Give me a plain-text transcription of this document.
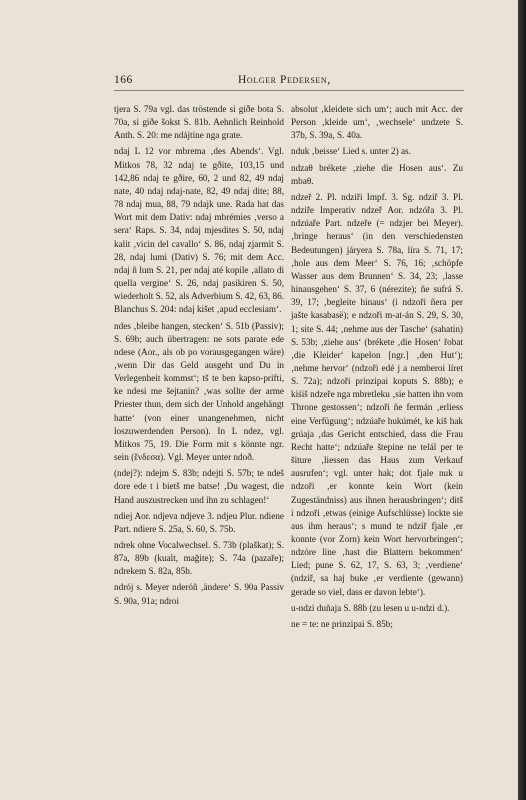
166	Holger Pedersen,

tjera S. 79a vgl. das tröstende si giðe bota S. 70a, si giðe šokst S. 81b. Aehnlich Reinhold Anth. S. 20: me ndájtine nga grate.

ndaj L 12 vor mbrema ‚des Abends‘. Vgl. Mitkos 78, 32 ndaj te gðite, 103,15 und 142,86 ndaj te gðire, 60, 2 und 82, 49 ndaj nate, 40 ndaj ndaj-nate, 82, 49 ndaj dite; 88, 78 ndaj mua, 88, 79 ndajk une. Rada hat das Wort mit dem Dativ: ndaj mbrémies ‚verso a sera‘ Raps. S. 34, ndaj mjesdites S. 50, ndaj kalit ‚vicin del cavallo‘ S. 86, ndaj zjarmit S. 28, ndaj lumi (Dativ) S. 76; mit dem Acc. ndaj ñ lum S. 21, per ndaj até kopile ‚allato di quella vergine‘ S. 26, ndaj pasikiren S. 50, wiederholt S. 52, als Adverbium S. 42, 63, 86. Blanchus S. 204: ndaj kišet ‚apud ecclesiam‘.

ndes ‚bleibe hangen, stecken‘ S. 51b (Passiv); S. 69b; auch übertragen: ne sots parate ede ndese (Aor., als ob po vorausgegangen wäre) ‚wenn Dir das Geld ausgeht und Du in Verlegenheit kommst‘; tš te ben kapso-prifti, ke ndesi me šejtanin? ‚was sollte der arme Priester thun, dem sich der Unhold angehängt hatte‘ (von einer unangenehmen, nicht loszuwerdenden Person). In L ndez, vgl. Mitkos 75, 19. Die Form mit s könnte ngr. sein (ἔνδεσα). Vgl. Meyer unter ndoð.

(ndej?): ndejm S. 83b; ndejti S. 57b; te ndeš dore ede t i bietš me batse! ‚Du wagest, die Hand auszustrecken und ihn zu schlagen!‘

ndiej Aor. ndjeva ndjeve 3. ndjeu Plur. ndiene Part. ndiere S. 25a, S. 60, S. 75b.

ndrek ohne Vocalwechsel. S. 73b (plaškat); S. 87a, 89b (kualt, mağite); S. 74a (pazaře); ndrekem S. 82a, 85b.

ndrój s. Meyer nderóñ ‚ändere‘ S. 90a Passiv S. 90a, 91a; ndroi

absolut ‚kleidete sich um‘; auch mit Acc. der Person ‚kleide um‘, ‚wechsele‘ undzete S. 37b, S. 39a, S. 40a.

nduk ‚beisse‘ Lied s. unter 2) as.

ndzaθ brékete ‚ziehe die Hosen aus‘. Zu mbaθ.

ndzeř 2. Pl. ndziři Impf. 3. Sg. ndziř 3. Pl. ndziře Imperativ ndzeř Aor. ndzóřa 3. Pl. ndzúaře Part. ndzeře (= ndzjer bei Meyer). ‚bringe heraus‘ (in den verschiedensten Bedeutungen) járyera S. 78a, líra S. 71, 17; ‚hole aus dem Meer‘ S. 76, 16; ‚schöpfe Wasser aus dem Brunnen‘ S. 34, 23; ‚lasse hinausgehen‘ S. 37, 6 (nérezite); ñe sufrá S. 39, 17; ‚begleite hinaus‘ (i ndzoři ñera per jašte kasabasë); e ndzoři m-at-án S. 29, S. 30, 1; site S. 44; ‚nehme aus der Tasche‘ (sahatin) S. 53b; ‚ziehe aus‘ (brékete ‚die Hosen‘ řobat ‚die Kleider‘ kapelon [ngr.] ‚den Hut‘); ‚nehme hervor‘ (ndzoři edé j a nemberoi líret S. 72a); ndzoři prinzipai koputs S. 88b); e kiśiš ndzeře nga mbretleku ‚sie hatten ihn vom Throne gestossen‘; ndzoři ñe fermán ‚erliess eine Verfügung‘; ndzúaře hukúmét, ke kiš hak grúaja ‚das Gericht entschied, dass die Frau Recht hatte‘; ndzúaře štepine ne telál per te šiture ‚liessen das Haus zum Verkauf ausrufen‘; vgl. unter hak; dot fjale nuk u ndzoři ‚er konnte kein Wort (kein Zugeständniss) aus ihnen herausbringen‘; ditš i ndzoři ‚etwas (einige Aufschlüsse) lockte sie aus ihm heraus‘; s mund te ndziř fjale ‚er konnte (vor Zorn) kein Wort hervorbringen‘; ndzóre line ‚hast die Blattern bekommen‘ Lied; pune S. 62, 17, S. 63, 3; ‚verdiene‘ (ndziř, sa haj buke ‚er verdiente (gewann) gerade so viel, dass er davon lebte‘).

u-ndzi duñaja S. 88b (zu lesen u u-ndzi d.).

ne = te: ne prinzipai S. 85b;
